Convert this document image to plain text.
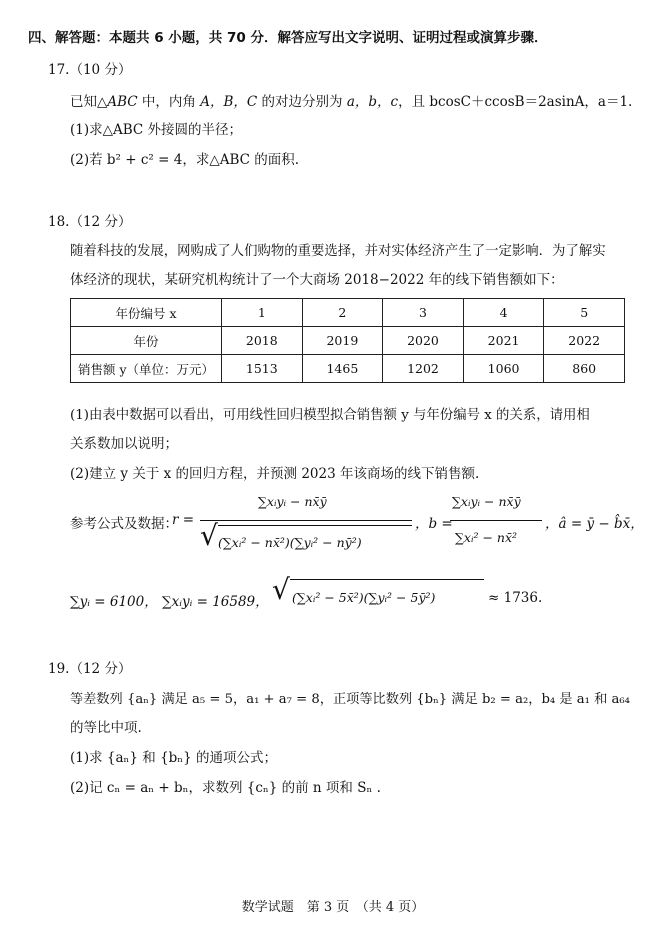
四、解答题：本题共 6 小题，共 70 分．解答应写出文字说明、证明过程或演算步骤．
17.（10 分）
已知△ABC 中，内角 A，B，C 的对边分别为 a，b，c，且 bcosC＋ccosB＝2asinA，a＝1.
(1)求△ABC 外接圆的半径；
(2)若 b² + c² = 4，求△ABC 的面积.
18.（12 分）
随着科技的发展，网购成了人们购物的重要选择，并对实体经济产生了一定影响．为了解实
体经济的现状，某研究机构统计了一个大商场 2018−2022 年的线下销售额如下：
年份编号 x	1	2	3	4	5
年份	2018	2019	2020	2021	2022
销售额 y（单位：万元）	1513	1465	1202	1060	860
(1)由表中数据可以看出，可用线性回归模型拟合销售额 y 与年份编号 x 的关系，请用相
关系数加以说明；
(2)建立 y 关于 x 的回归方程，并预测 2023 年该商场的线下销售额.
参考公式及数据：
r =
∑xᵢyᵢ − nx̄ȳ
√ (∑xᵢ² − nx̄²)(∑yᵢ² − nȳ²)
，b =
∑xᵢyᵢ − nx̄ȳ
∑xᵢ² − nx̄²
，â = ȳ − b̂x̄，
∑yᵢ = 6100， ∑xᵢyᵢ = 16589， √ (∑xᵢ² − 5x̄²)(∑yᵢ² − 5ȳ²)	≈ 1736.
19.（12 分）
等差数列 {aₙ} 满足 a₅ = 5，a₁ + a₇ = 8，正项等比数列 {bₙ} 满足 b₂ = a₂，b₄ 是 a₁ 和 a₆₄
的等比中项.
(1)求 {aₙ} 和 {bₙ} 的通项公式；
(2)记 cₙ = aₙ + bₙ，求数列 {cₙ} 的前 n 项和 Sₙ .
数学试题　第 3 页　（共 4 页）
